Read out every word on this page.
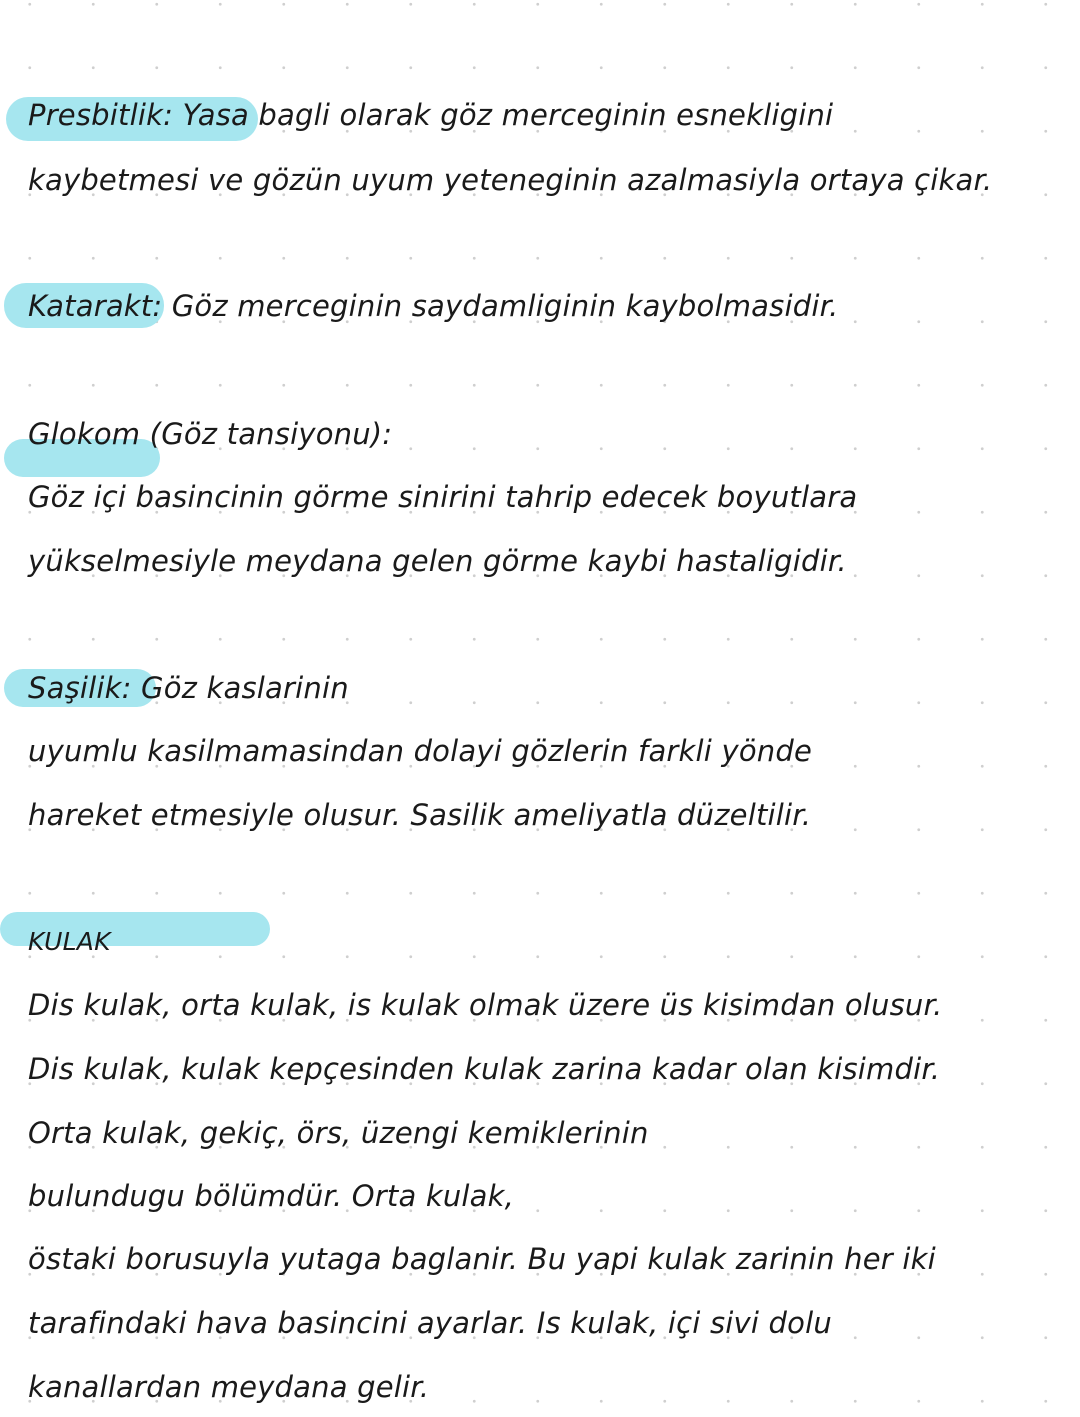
Presbitlik: Yasa bagli olarak göz merceginin esnekligini
kaybetmesi ve gözün uyum yeteneginin azalmasiyla ortaya çikar.
Katarakt: Göz merceginin saydamliginin kaybolmasidir.
Glokom (Göz tansiyonu):
Göz içi basincinin görme sinirini tahrip edecek boyutlara
yükselmesiyle meydana gelen görme kaybi hastaligidir.
Saşilik: Göz kaslarinin
uyumlu kasilmamasindan dolayi gözlerin farkli yönde
hareket etmesiyle olusur. Sasilik ameliyatla düzeltilir.
KULAK
Dis kulak, orta kulak, is kulak olmak üzere üs kisimdan olusur.
Dis kulak, kulak kepçesinden kulak zarina kadar olan kisimdir.
Orta kulak, gekiç, örs, üzengi kemiklerinin
bulundugu bölümdür. Orta kulak,
östaki borusuyla yutaga baglanir. Bu yapi kulak zarinin her iki
tarafindaki hava basincini ayarlar. Is kulak, içi sivi dolu
kanallardan meydana gelir.
